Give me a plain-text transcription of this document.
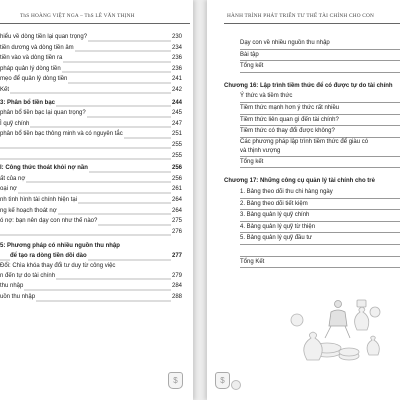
ThS HOÀNG VIỆT NGA – ThS LÊ VĂN THỊNH
hiểu về dòng tiền lại quan trọng?	230
tiền dương và dòng tiền âm	234
tiền vào và dòng tiền ra	236
pháp quản lý dòng tiền	236
mẹo để quản lý dòng tiền	241
Kết	242
3: Phân bổ tiền bạc	244
phân bổ tiền bạc lại quan trọng?	245
Ì quỹ chính	247
phân bổ tiền bạc thông minh và có nguyên tắc	251
255
255
I: Công thức thoát khỏi nợ nần	256
ất của nợ	256
oại nợ	261
nh tình hình tài chính hiện tại	264
ng kế hoạch thoát nợ	264
ó nợ: bạn nên dạy con như thế nào?	275
276
5: Phương pháp có nhiều nguồn thu nhập
để tạo ra dòng tiền dồi dào	277
Đổi: Chìa khóa thay đổi tư duy từ công việc
n đến tự do tài chính	279
thu nhập	284
uồn thu nhập	288
$
HÀNH TRÌNH PHÁT TRIỂN TƯ THẾ TÀI CHÍNH CHO CON
Dạy con về nhiều nguồn thu nhập
Bài tập
Tổng kết
Chương 16: Lập trình tiềm thức để có được tự do tài chính
Ý thức và tiềm thức
Tiềm thức mạnh hơn ý thức rất nhiều
Tiềm thức liên quan gì đến tài chính?
Tiềm thức có thay đổi được không?
Các phương pháp lập trình tiềm thức để giàu có
và thịnh vượng
Tổng kết
Chương 17: Những công cụ quản lý tài chính cho trẻ
1. Bảng theo dõi thu chi hàng ngày
2. Bảng theo dõi tiết kiệm
3. Bảng quản lý quỹ chính
4. Bảng quản lý quỹ từ thiện
5. Bảng quản lý quỹ đầu tư
Tổng Kết
$
